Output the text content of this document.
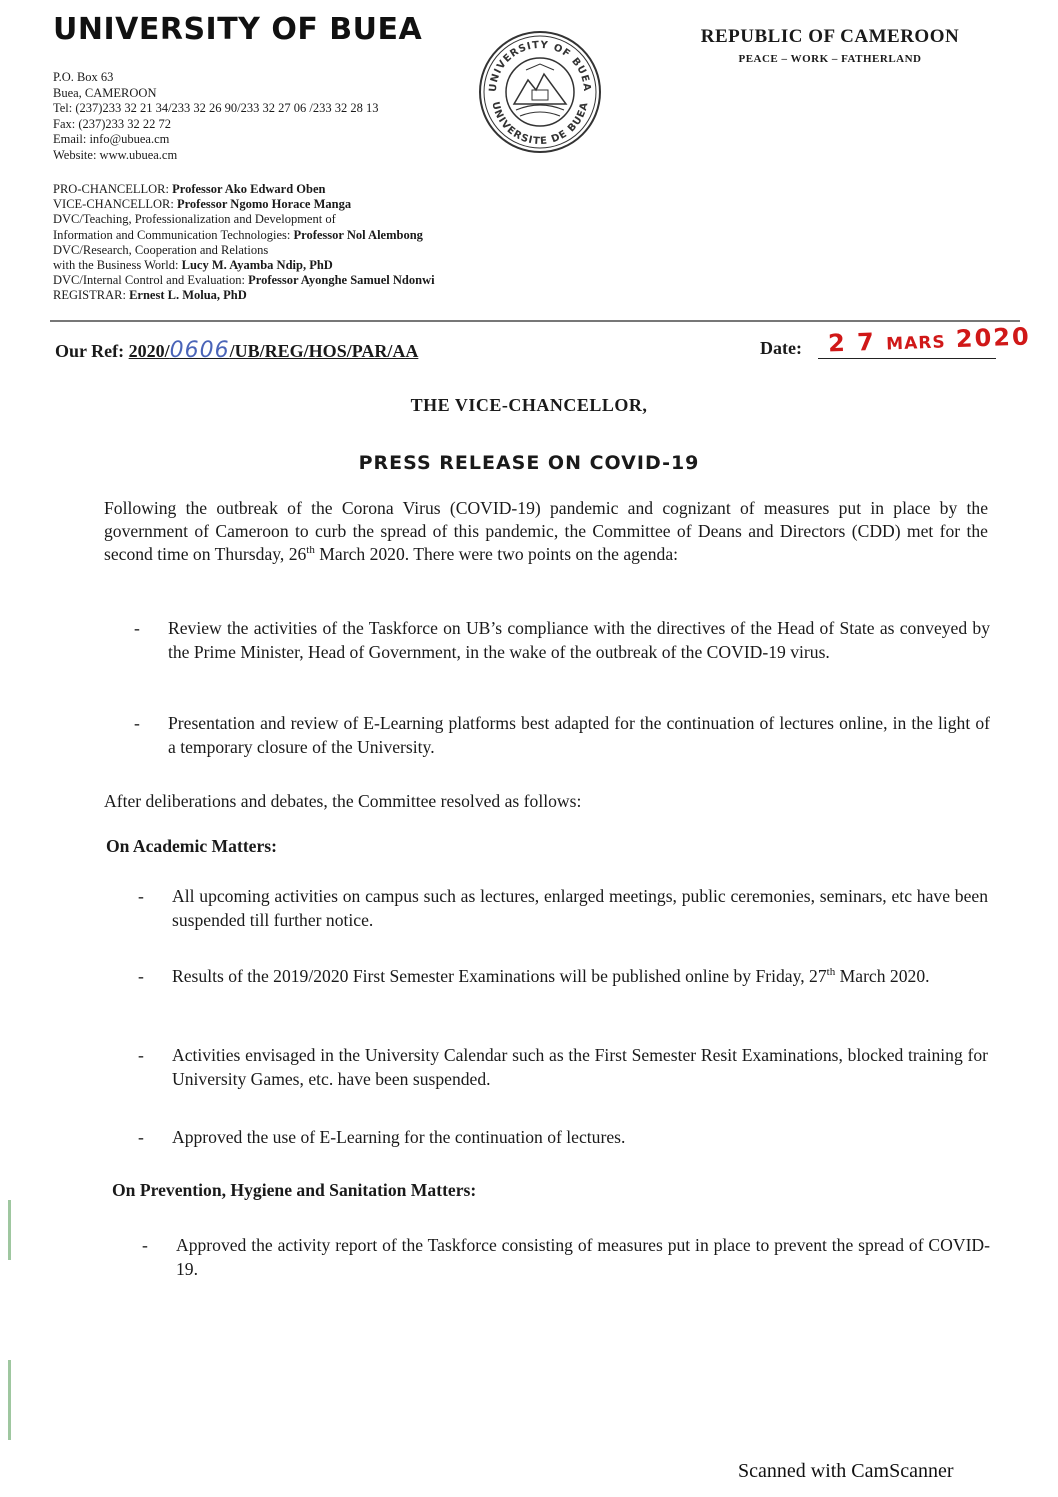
UNIVERSITY OF BUEA
P.O. Box 63
Buea, CAMEROON
Tel: (237)233 32 21 34/233 32 26 90/233 32 27 06 /233 32 28 13
Fax: (237)233 32 22 72
Email: info@ubuea.cm
Website: www.ubuea.cm
PRO-CHANCELLOR: Professor Ako Edward Oben
VICE-CHANCELLOR: Professor Ngomo Horace Manga
DVC/Teaching, Professionalization and Development of
Information and Communication Technologies: Professor Nol Alembong
DVC/Research, Cooperation and Relations
with the Business World: Lucy M. Ayamba Ndip, PhD
DVC/Internal Control and Evaluation: Professor Ayonghe Samuel Ndonwi
REGISTRAR: Ernest L. Molua, PhD
UNIVERSITY OF BUEA
UNIVERSITE DE BUEA
REPUBLIC OF CAMEROON
PEACE – WORK – FATHERLAND
Our Ref: 2020/0606/UB/REG/HOS/PAR/AA	Date: 2 7 MARS 2020
THE VICE-CHANCELLOR,
PRESS RELEASE ON COVID-19
Following the outbreak of the Corona Virus (COVID-19) pandemic and cognizant of measures put in place by the government of Cameroon to curb the spread of this pandemic, the Committee of Deans and Directors (CDD) met for the second time on Thursday, 26th March 2020. There were two points on the agenda:
- Review the activities of the Taskforce on UB’s compliance with the directives of the Head of State as conveyed by the Prime Minister, Head of Government, in the wake of the outbreak of the COVID-19 virus.
- Presentation and review of E-Learning platforms best adapted for the continuation of lectures online, in the light of a temporary closure of the University.
After deliberations and debates, the Committee resolved as follows:
On Academic Matters:
- All upcoming activities on campus such as lectures, enlarged meetings, public ceremonies, seminars, etc have been suspended till further notice.
- Results of the 2019/2020 First Semester Examinations will be published online by Friday, 27th March 2020.
- Activities envisaged in the University Calendar such as the First Semester Resit Examinations, blocked training for University Games, etc. have been suspended.
- Approved the use of E-Learning for the continuation of lectures.
On Prevention, Hygiene and Sanitation Matters:
- Approved the activity report of the Taskforce consisting of measures put in place to prevent the spread of COVID-19.
Scanned with CamScanner
